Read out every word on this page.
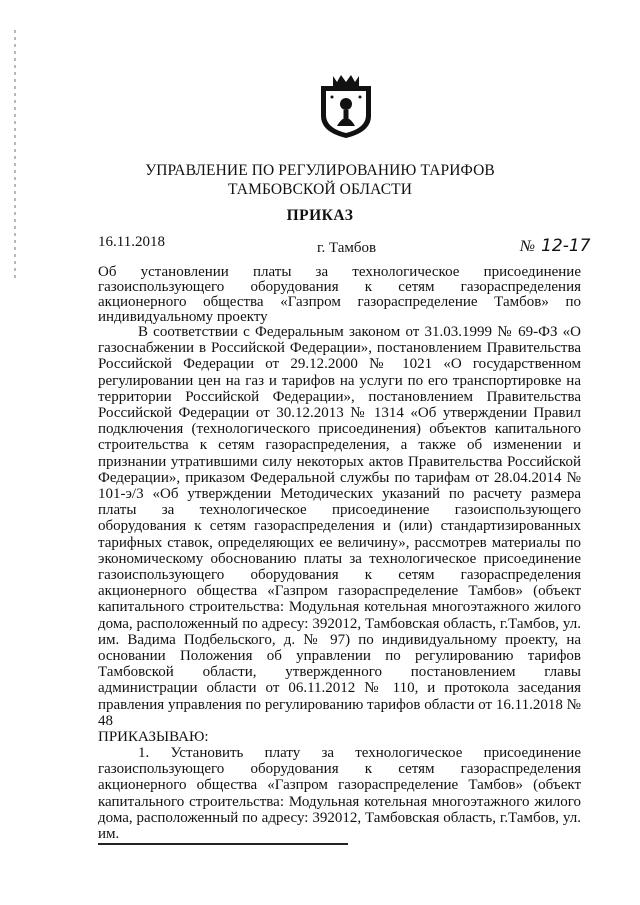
УПРАВЛЕНИЕ ПО РЕГУЛИРОВАНИЮ ТАРИФОВ
ТАМБОВСКОЙ ОБЛАСТИ
ПРИКАЗ
16.11.2018	г. Тамбов	№ 12-17
Об установлении платы за технологическое присоединение газоиспользующего оборудования к сетям газораспределения акционерного общества «Газпром газораспределение Тамбов» по индивидуальному проекту

В соответствии с Федеральным законом от 31.03.1999 № 69-ФЗ «О газоснабжении в Российской Федерации», постановлением Правительства Российской Федерации от 29.12.2000 № 1021 «О государственном регулировании цен на газ и тарифов на услуги по его транспортировке на территории Российской Федерации», постановлением Правительства Российской Федерации от 30.12.2013 № 1314 «Об утверждении Правил подключения (технологического присоединения) объектов капитального строительства к сетям газораспределения, а также об изменении и признании утратившими силу некоторых актов Правительства Российской Федерации», приказом Федеральной службы по тарифам от 28.04.2014 № 101-э/3 «Об утверждении Методических указаний по расчету размера платы за технологическое присоединение газоиспользующего оборудования к сетям газораспределения и (или) стандартизированных тарифных ставок, определяющих ее величину», рассмотрев материалы по экономическому обоснованию платы за технологическое присоединение газоиспользующего оборудования к сетям газораспределения акционерного общества «Газпром газораспределение Тамбов» (объект капитального строительства: Модульная котельная многоэтажного жилого дома, расположенный по адресу: 392012, Тамбовская область, г.Тамбов, ул. им. Вадима Подбельского, д. № 97) по индивидуальному проекту, на основании Положения об управлении по регулированию тарифов Тамбовской области, утвержденного постановлением главы администрации области от 06.11.2012 № 110, и протокола заседания правления управления по регулированию тарифов области от 16.11.2018 № 48

ПРИКАЗЫВАЮ:

1. Установить плату за технологическое присоединение газоиспользующего оборудования к сетям газораспределения акционерного общества «Газпром газораспределение Тамбов» (объект капитального строительства: Модульная котельная многоэтажного жилого дома, расположенный по адресу: 392012, Тамбовская область, г.Тамбов, ул. им.
